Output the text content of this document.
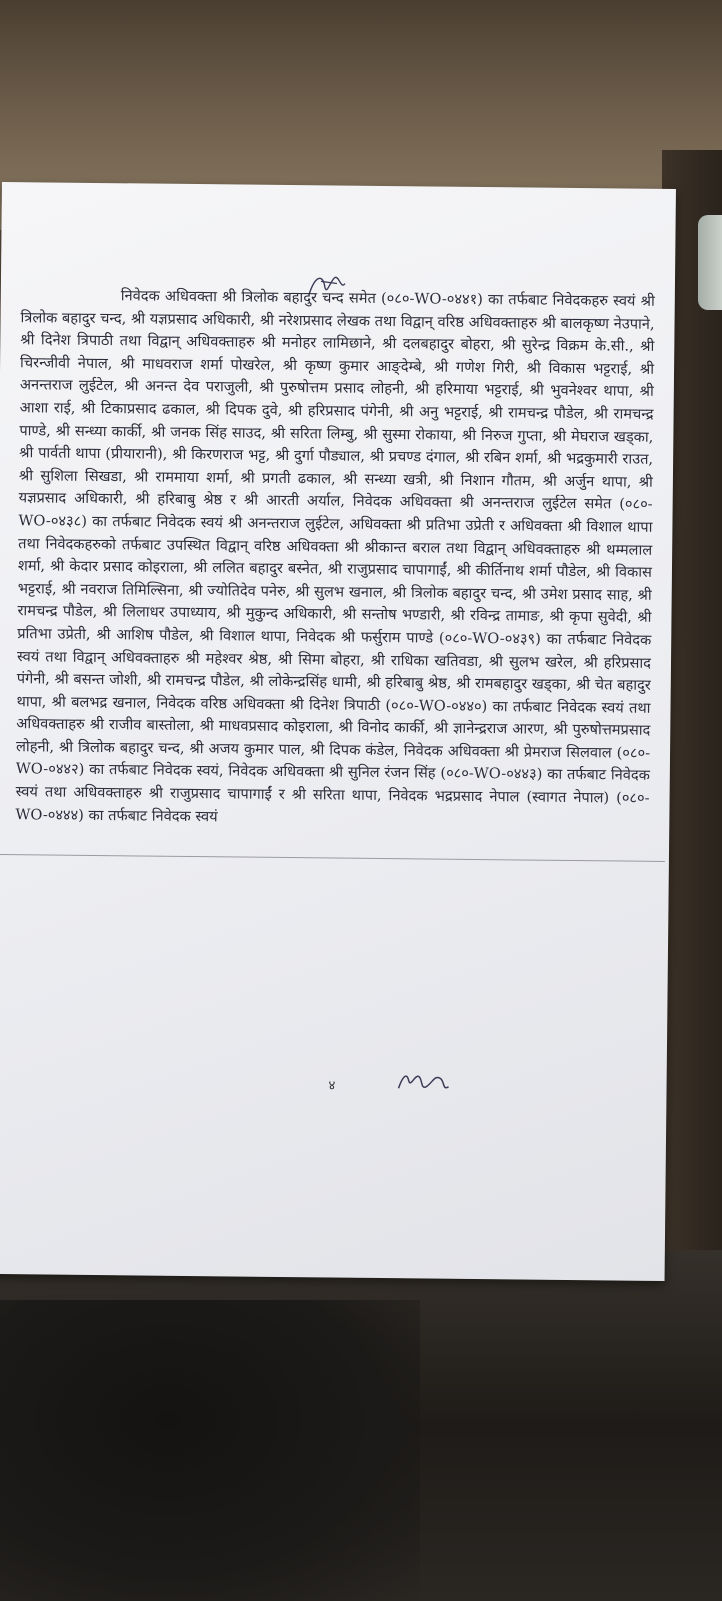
निवेदक अधिवक्ता श्री त्रिलोक बहादुर चन्द समेत (०८०-WO-०४४१) का तर्फबाट निवेदकहरु स्वयं श्री त्रिलोक बहादुर चन्द, श्री यज्ञप्रसाद अधिकारी, श्री नरेशप्रसाद लेखक तथा विद्वान् वरिष्ठ अधिवक्ताहरु श्री बालकृष्ण नेउपाने, श्री दिनेश त्रिपाठी तथा विद्वान् अधिवक्ताहरु श्री मनोहर लामिछाने, श्री दलबहादुर बोहरा, श्री सुरेन्द्र विक्रम के.सी., श्री चिरन्जीवी नेपाल, श्री माधवराज शर्मा पोखरेल, श्री कृष्ण कुमार आङ्देम्बे, श्री गणेश गिरी, श्री विकास भट्टराई, श्री अनन्तराज लुईटेल, श्री अनन्त देव पराजुली, श्री पुरुषोत्तम प्रसाद लोहनी, श्री हरिमाया भट्टराई, श्री भुवनेश्वर थापा, श्री आशा राई, श्री टिकाप्रसाद ढकाल, श्री दिपक दुवे, श्री हरिप्रसाद पंगेनी, श्री अनु भट्टराई, श्री रामचन्द्र पौडेल, श्री रामचन्द्र पाण्डे, श्री सन्ध्या कार्की, श्री जनक सिंह साउद, श्री सरिता लिम्बु, श्री सुस्मा रोकाया, श्री निरुज गुप्ता, श्री मेघराज खड्का, श्री पार्वती थापा (प्रीयारानी), श्री किरणराज भट्ट, श्री दुर्गा पौड्याल, श्री प्रचण्ड दंगाल, श्री रबिन शर्मा, श्री भद्रकुमारी राउत, श्री सुशिला सिखडा, श्री राममाया शर्मा, श्री प्रगती ढकाल, श्री सन्ध्या खत्री, श्री निशान गौतम, श्री अर्जुन थापा, श्री यज्ञप्रसाद अधिकारी, श्री हरिबाबु श्रेष्ठ र श्री आरती अर्याल, निवेदक अधिवक्ता श्री अनन्तराज लुईटेल समेत (०८०-WO-०४३८) का तर्फबाट निवेदक स्वयं श्री अनन्तराज लुईटेल, अधिवक्ता श्री प्रतिभा उप्रेती र अधिवक्ता श्री विशाल थापा तथा निवेदकहरुको तर्फबाट उपस्थित विद्वान् वरिष्ठ अधिवक्ता श्री श्रीकान्त बराल तथा विद्वान् अधिवक्ताहरु श्री थम्मलाल शर्मा, श्री केदार प्रसाद कोइराला, श्री ललित बहादुर बस्नेत, श्री राजुप्रसाद चापागाईं, श्री कीर्तिनाथ शर्मा पौडेल, श्री विकास भट्टराई, श्री नवराज तिमिल्सिना, श्री ज्योतिदेव पनेरु, श्री सुलभ खनाल, श्री त्रिलोक बहादुर चन्द, श्री उमेश प्रसाद साह, श्री रामचन्द्र पौडेल, श्री लिलाधर उपाध्याय, श्री मुकुन्द अधिकारी, श्री सन्तोष भण्डारी, श्री रविन्द्र तामाङ, श्री कृपा सुवेदी, श्री प्रतिभा उप्रेती, श्री आशिष पौडेल, श्री विशाल थापा, निवेदक श्री फर्सुराम पाण्डे (०८०-WO-०४३९) का तर्फबाट निवेदक स्वयं तथा विद्वान् अधिवक्ताहरु श्री महेश्वर श्रेष्ठ, श्री सिमा बोहरा, श्री राधिका खतिवडा, श्री सुलभ खरेल, श्री हरिप्रसाद पंगेनी, श्री बसन्त जोशी, श्री रामचन्द्र पौडेल, श्री लोकेन्द्रसिंह धामी, श्री हरिबाबु श्रेष्ठ, श्री रामबहादुर खड्का, श्री चेत बहादुर थापा, श्री बलभद्र खनाल, निवेदक वरिष्ठ अधिवक्ता श्री दिनेश त्रिपाठी (०८०-WO-०४४०) का तर्फबाट निवेदक स्वयं तथा अधिवक्ताहरु श्री राजीव बास्तोला, श्री माधवप्रसाद कोइराला, श्री विनोद कार्की, श्री ज्ञानेन्द्रराज आरण, श्री पुरुषोत्तमप्रसाद लोहनी, श्री त्रिलोक बहादुर चन्द, श्री अजय कुमार पाल, श्री दिपक कंडेल, निवेदक अधिवक्ता श्री प्रेमराज सिलवाल (०८०-WO-०४४२) का तर्फबाट निवेदक स्वयं, निवेदक अधिवक्ता श्री सुनिल रंजन सिंह (०८०-WO-०४४३) का तर्फबाट निवेदक स्वयं तथा अधिवक्ताहरु श्री राजुप्रसाद चापागाईं र श्री सरिता थापा, निवेदक भद्रप्रसाद नेपाल (स्वागत नेपाल) (०८०-WO-०४४४) का तर्फबाट निवेदक स्वयं

४
